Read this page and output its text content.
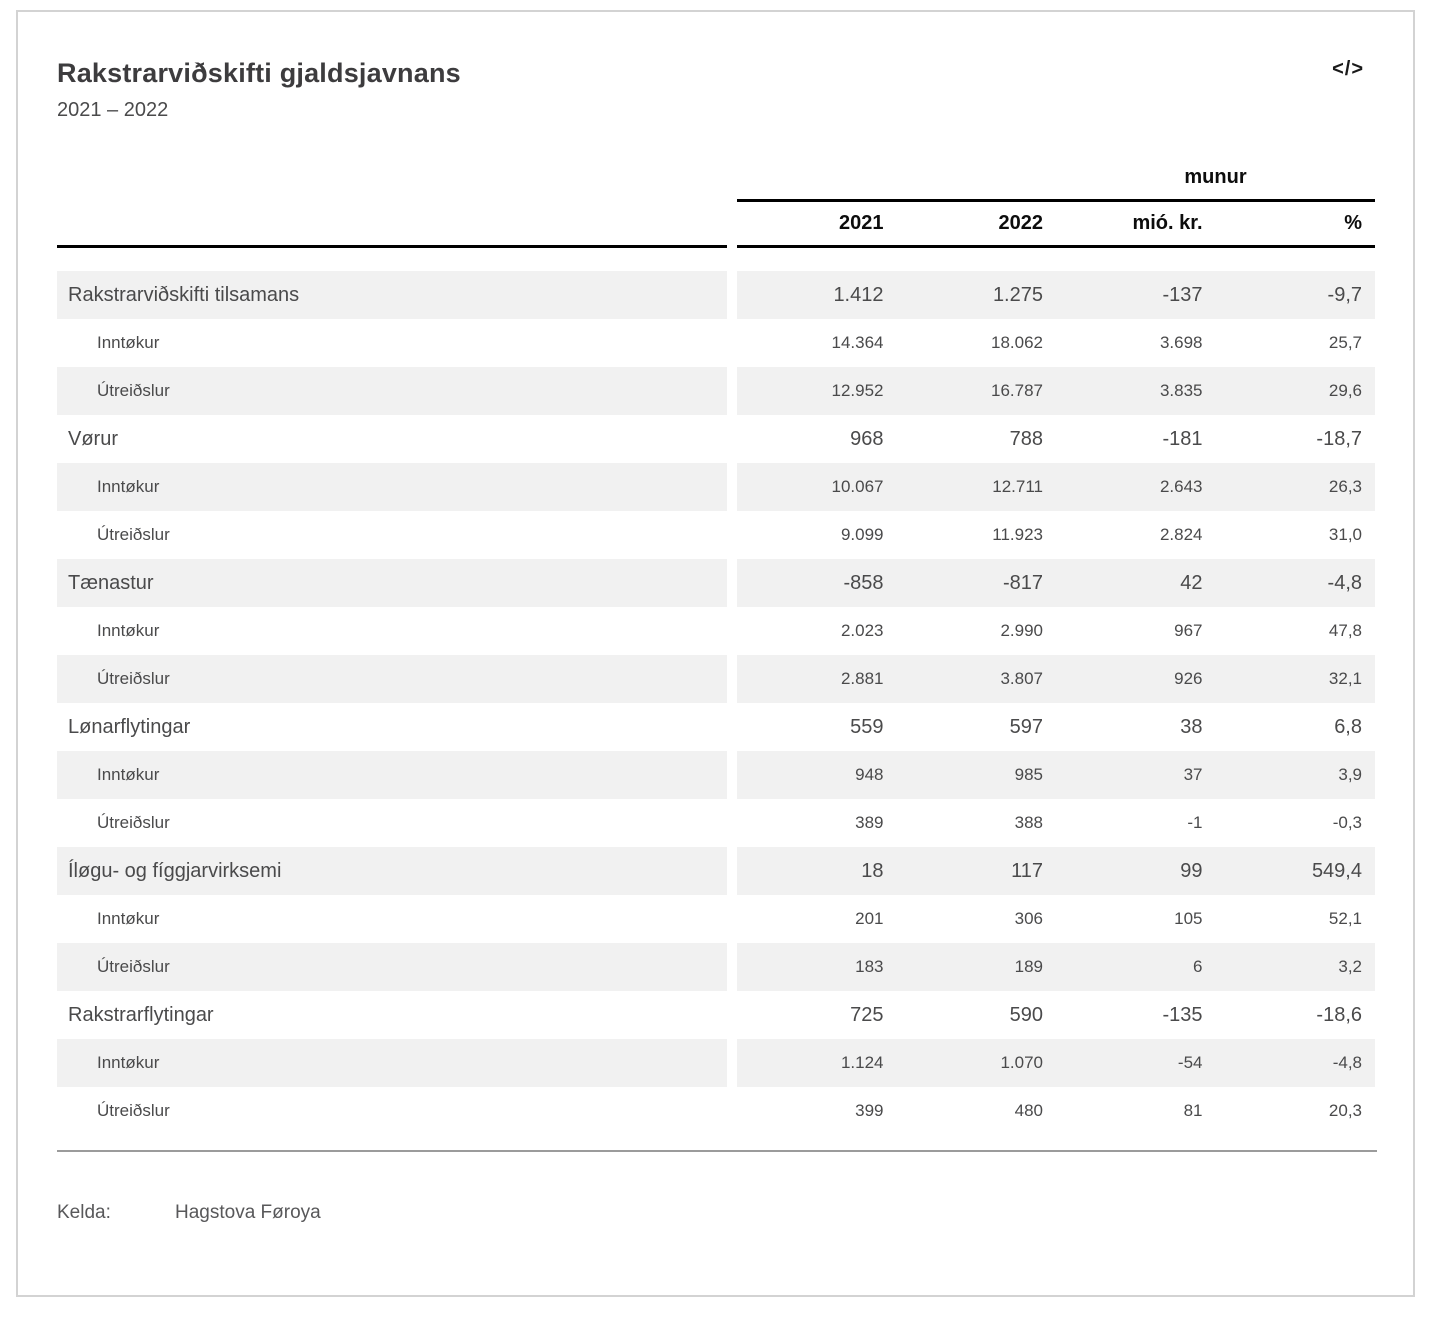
Rakstrarviðskifti gjaldsjavnans
2021 – 2022
</>
munur
2021	2022	mió. kr.	%
Rakstrarviðskifti tilsamans	1.412	1.275	-137	-9,7
Inntøkur	14.364	18.062	3.698	25,7
Útreiðslur	12.952	16.787	3.835	29,6
Vørur	968	788	-181	-18,7
Inntøkur	10.067	12.711	2.643	26,3
Útreiðslur	9.099	11.923	2.824	31,0
Tænastur	-858	-817	42	-4,8
Inntøkur	2.023	2.990	967	47,8
Útreiðslur	2.881	3.807	926	32,1
Lønarflytingar	559	597	38	6,8
Inntøkur	948	985	37	3,9
Útreiðslur	389	388	-1	-0,3
Íløgu- og fíggjarvirksemi	18	117	99	549,4
Inntøkur	201	306	105	52,1
Útreiðslur	183	189	6	3,2
Rakstrarflytingar	725	590	-135	-18,6
Inntøkur	1.124	1.070	-54	-4,8
Útreiðslur	399	480	81	20,3
Kelda:	Hagstova Føroya
